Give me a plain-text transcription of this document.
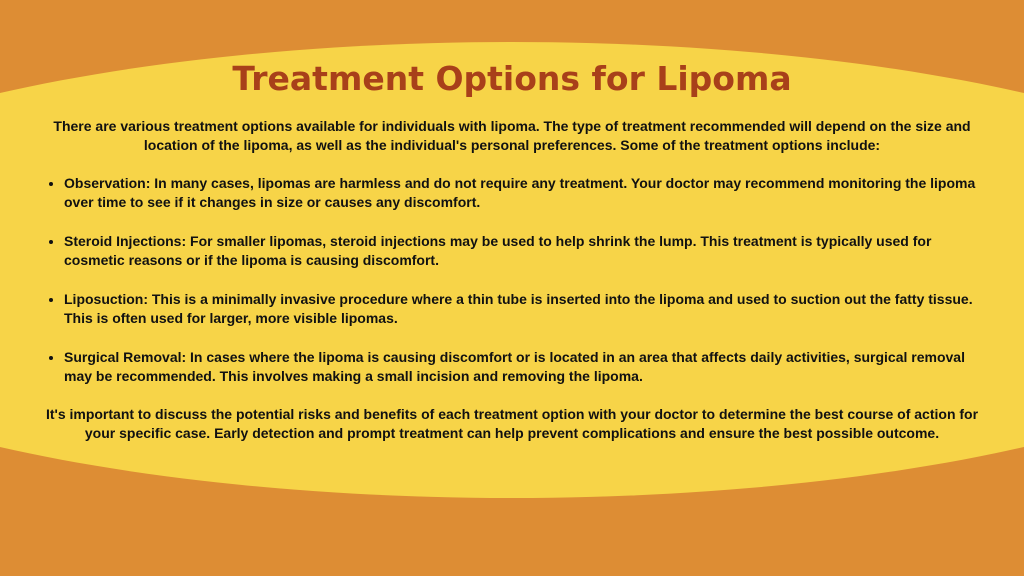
Treatment Options for Lipoma

There are various treatment options available for individuals with lipoma. The type of treatment recommended will depend on the size and location of the lipoma, as well as the individual's personal preferences. Some of the treatment options include:

• Observation: In many cases, lipomas are harmless and do not require any treatment. Your doctor may recommend monitoring the lipoma over time to see if it changes in size or causes any discomfort.
• Steroid Injections: For smaller lipomas, steroid injections may be used to help shrink the lump. This treatment is typically used for cosmetic reasons or if the lipoma is causing discomfort.
• Liposuction: This is a minimally invasive procedure where a thin tube is inserted into the lipoma and used to suction out the fatty tissue. This is often used for larger, more visible lipomas.
• Surgical Removal: In cases where the lipoma is causing discomfort or is located in an area that affects daily activities, surgical removal may be recommended. This involves making a small incision and removing the lipoma.

It's important to discuss the potential risks and benefits of each treatment option with your doctor to determine the best course of action for your specific case. Early detection and prompt treatment can help prevent complications and ensure the best possible outcome.
